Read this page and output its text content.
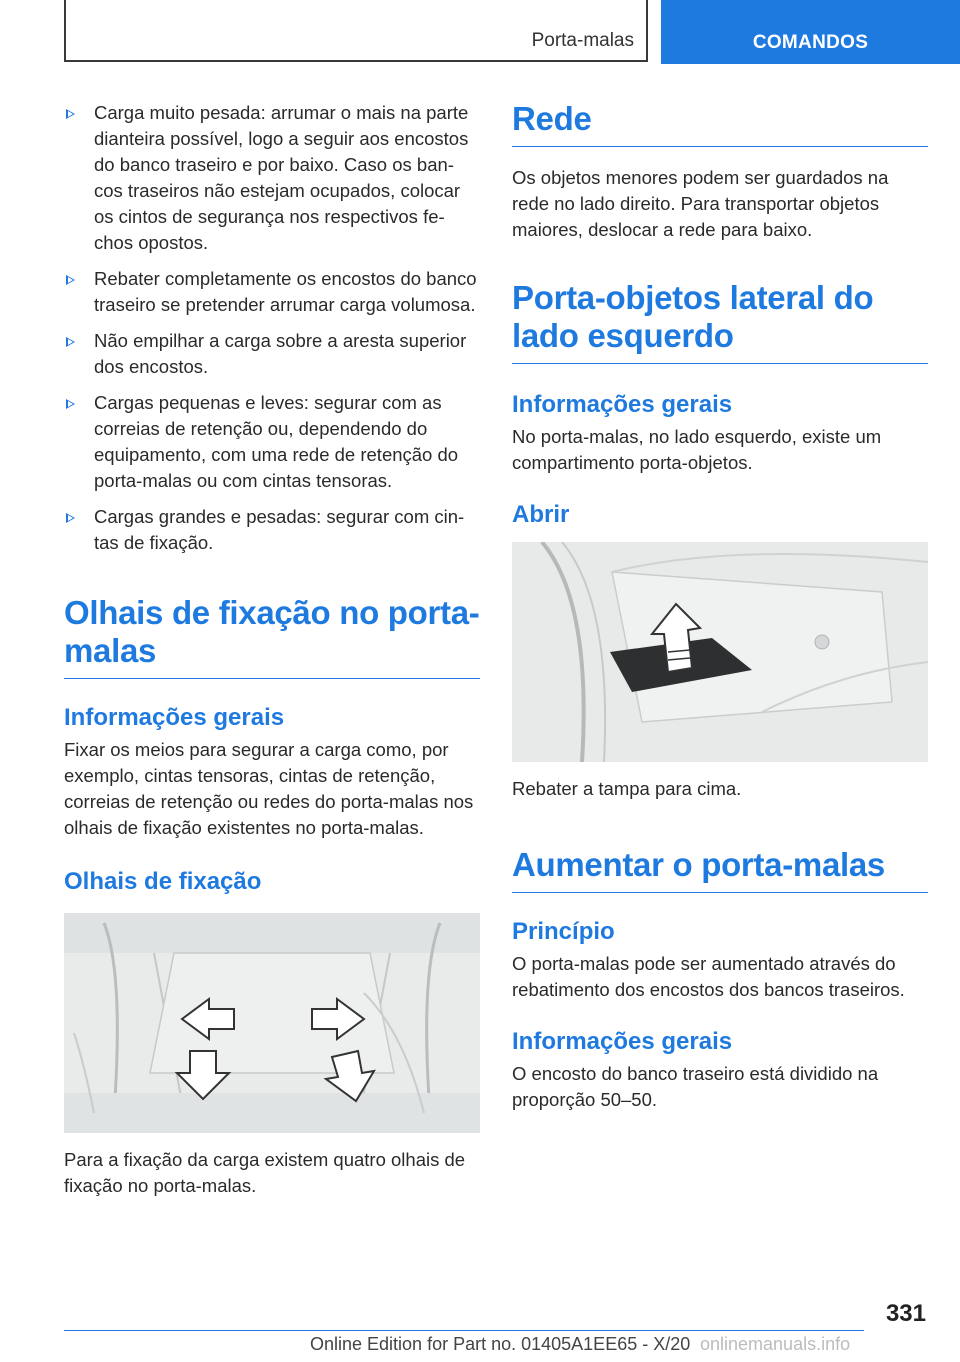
Porta-malas	COMANDOS
Carga muito pesada: arrumar o mais na parte dianteira possível, logo a seguir aos encostos do banco traseiro e por baixo. Caso os ban-cos traseiros não estejam ocupados, colocar os cintos de segurança nos respectivos fe-chos opostos.
Rebater completamente os encostos do banco traseiro se pretender arrumar carga volumosa.
Não empilhar a carga sobre a aresta superior dos encostos.
Cargas pequenas e leves: segurar com as correias de retenção ou, dependendo do equipamento, com uma rede de retenção do porta-malas ou com cintas tensoras.
Cargas grandes e pesadas: segurar com cin-tas de fixação.
Olhais de fixação no porta-malas
Informações gerais

Fixar os meios para segurar a carga como, por exemplo, cintas tensoras, cintas de retenção, correias de retenção ou redes do porta-malas nos olhais de fixação existentes no porta-malas.

Olhais de fixação

Para a fixação da carga existem quatro olhais de fixação no porta-malas.

Rede

Os objetos menores podem ser guardados na rede no lado direito. Para transportar objetos maiores, deslocar a rede para baixo.

Porta-objetos lateral do lado esquerdo
Informações gerais

No porta-malas, no lado esquerdo, existe um compartimento porta-objetos.

Abrir

Rebater a tampa para cima.

Aumentar o porta-malas
Princípio

O porta-malas pode ser aumentado através do rebatimento dos encostos dos bancos traseiros.

Informações gerais

O encosto do banco traseiro está dividido na proporção 50–50.

331
Online Edition for Part no. 01405A1EE65 - X/20 onlinemanuals.info
